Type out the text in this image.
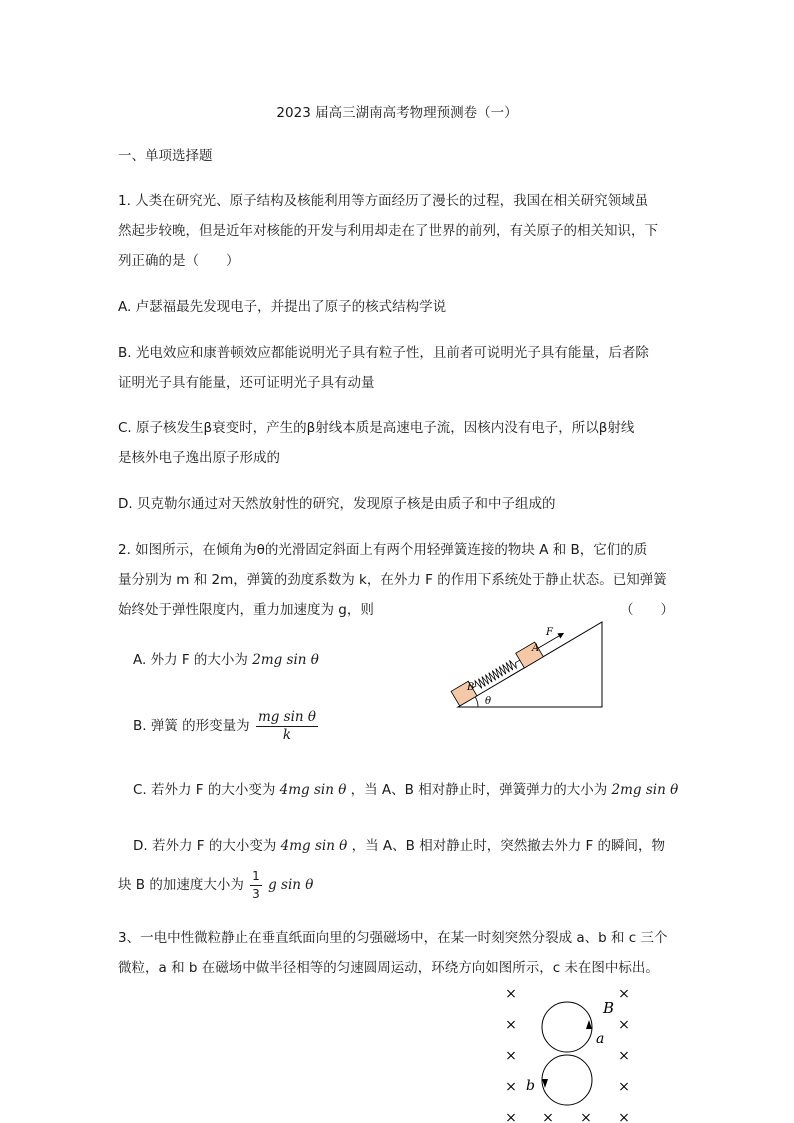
2023 届高三湖南高考物理预测卷（一）
一、单项选择题
1. 人类在研究光、原子结构及核能利用等方面经历了漫长的过程，我国在相关研究领域虽
然起步较晚，但是近年对核能的开发与利用却走在了世界的前列，有关原子的相关知识，下
列正确的是（　　）
A. 卢瑟福最先发现电子，并提出了原子的核式结构学说
B. 光电效应和康普顿效应都能说明光子具有粒子性，且前者可说明光子具有能量，后者除
证明光子具有能量，还可证明光子具有动量
C. 原子核发生β衰变时，产生的β射线本质是高速电子流，因核内没有电子，所以β射线
是核外电子逸出原子形成的
D. 贝克勒尔通过对天然放射性的研究，发现原子核是由质子和中子组成的
2. 如图所示，在倾角为θ的光滑固定斜面上有两个用轻弹簧连接的物块 A 和 B，它们的质
量分别为 m 和 2m，弹簧的劲度系数为 k，在外力 F 的作用下系统处于静止状态。已知弹簧
始终处于弹性限度内，重力加速度为 g，则	（　　）
A. 外力 F 的大小为 2mg sin θ
B. 弹簧 的形变量为 $\frac{\text{mg sin θ}}{k}$
C. 若外力 F 的大小变为 4mg sin θ ，当 A、B 相对静止时，弹簧弹力的大小为 2mg sin θ
D. 若外力 F 的大小变为 4mg sin θ ，当 A、B 相对静止时，突然撤去外力 F 的瞬间，物
块 B 的加速度大小为 $\frac{1}{3}$ g sin θ
B
A
F
θ
3、一电中性微粒静止在垂直纸面向里的匀强磁场中，在某一时刻突然分裂成 a、b 和 c 三个
微粒，a 和 b 在磁场中做半径相等的匀速圆周运动，环绕方向如图所示，c 未在图中标出。
B
a
b
×	×
×	×
×	×
×	×
× × × ×
